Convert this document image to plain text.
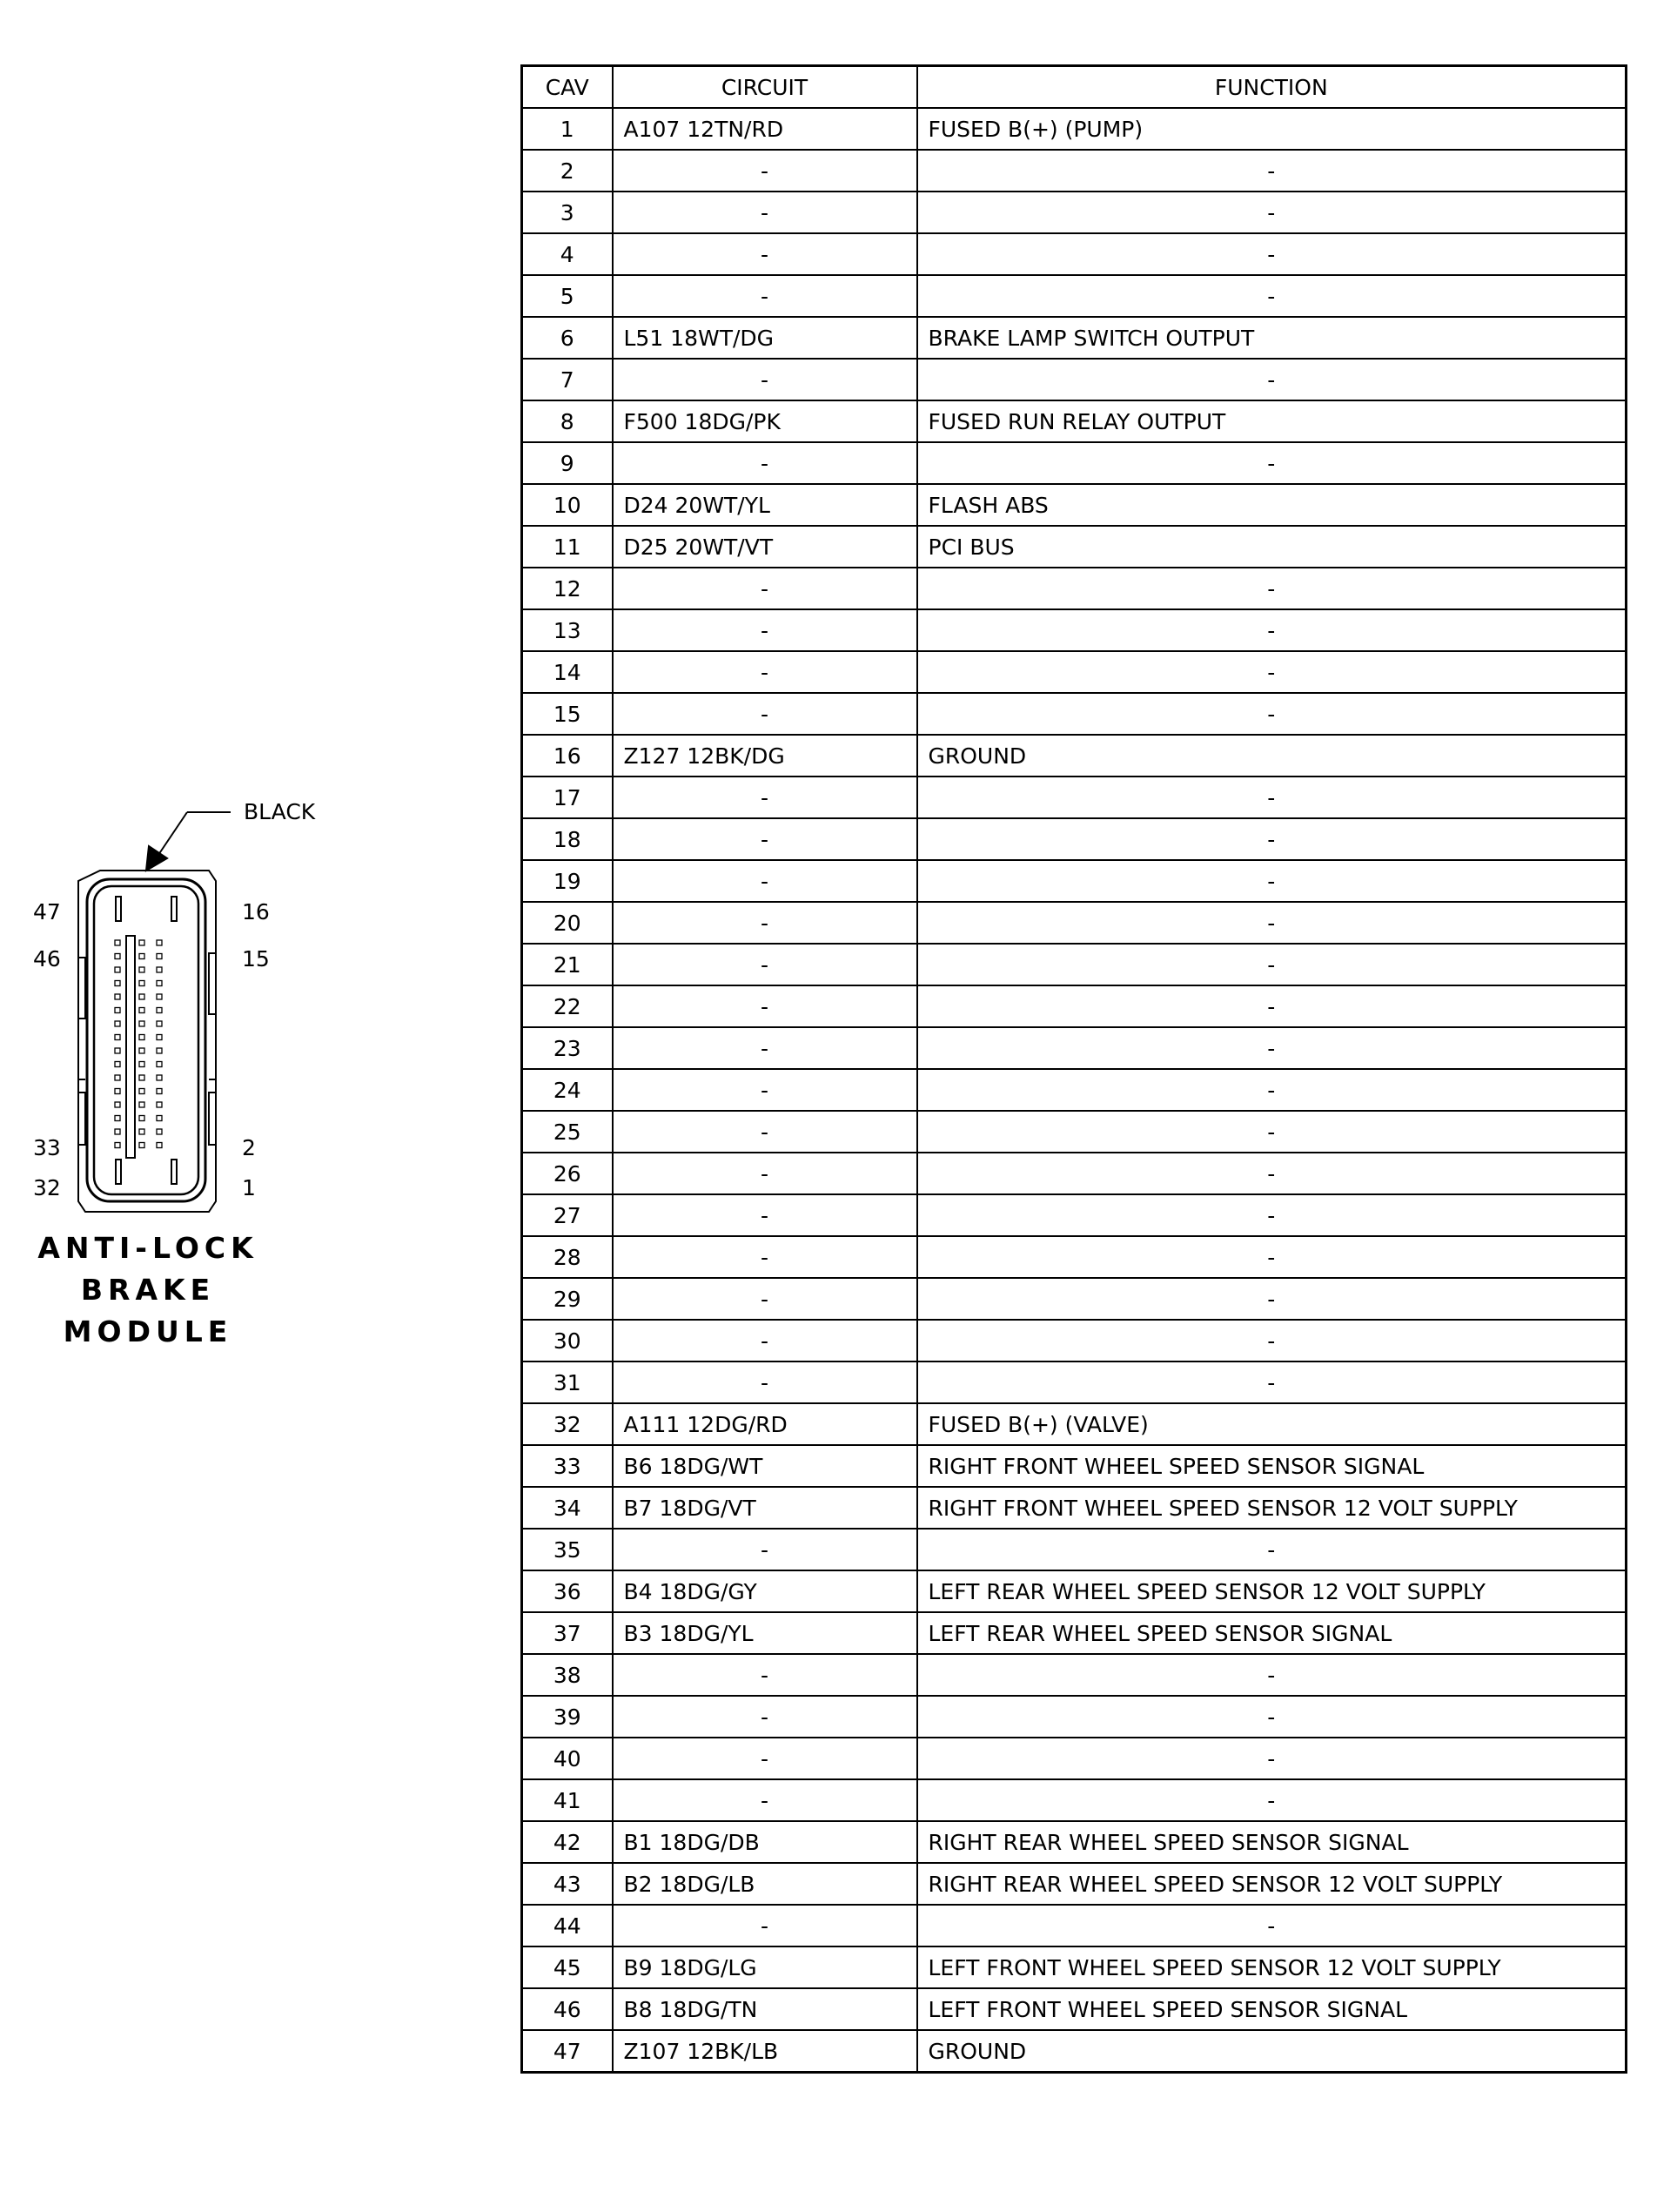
BLACK
47
46
16
15
33
32
2
1
ANTI-LOCK
BRAKE
MODULE
CAV	CIRCUIT	FUNCTION
1	A107 12TN/RD	FUSED B(+) (PUMP)
2	-	-
3	-	-
4	-	-
5	-	-
6	L51 18WT/DG	BRAKE LAMP SWITCH OUTPUT
7	-	-
8	F500 18DG/PK	FUSED RUN RELAY OUTPUT
9	-	-
10	D24 20WT/YL	FLASH ABS
11	D25 20WT/VT	PCI BUS
12	-	-
13	-	-
14	-	-
15	-	-
16	Z127 12BK/DG	GROUND
17	-	-
18	-	-
19	-	-
20	-	-
21	-	-
22	-	-
23	-	-
24	-	-
25	-	-
26	-	-
27	-	-
28	-	-
29	-	-
30	-	-
31	-	-
32	A111 12DG/RD	FUSED B(+) (VALVE)
33	B6 18DG/WT	RIGHT FRONT WHEEL SPEED SENSOR SIGNAL
34	B7 18DG/VT	RIGHT FRONT WHEEL SPEED SENSOR 12 VOLT SUPPLY
35	-	-
36	B4 18DG/GY	LEFT REAR WHEEL SPEED SENSOR 12 VOLT SUPPLY
37	B3 18DG/YL	LEFT REAR WHEEL SPEED SENSOR SIGNAL
38	-	-
39	-	-
40	-	-
41	-	-
42	B1 18DG/DB	RIGHT REAR WHEEL SPEED SENSOR SIGNAL
43	B2 18DG/LB	RIGHT REAR WHEEL SPEED SENSOR 12 VOLT SUPPLY
44	-	-
45	B9 18DG/LG	LEFT FRONT WHEEL SPEED SENSOR 12 VOLT SUPPLY
46	B8 18DG/TN	LEFT FRONT WHEEL SPEED SENSOR SIGNAL
47	Z107 12BK/LB	GROUND
